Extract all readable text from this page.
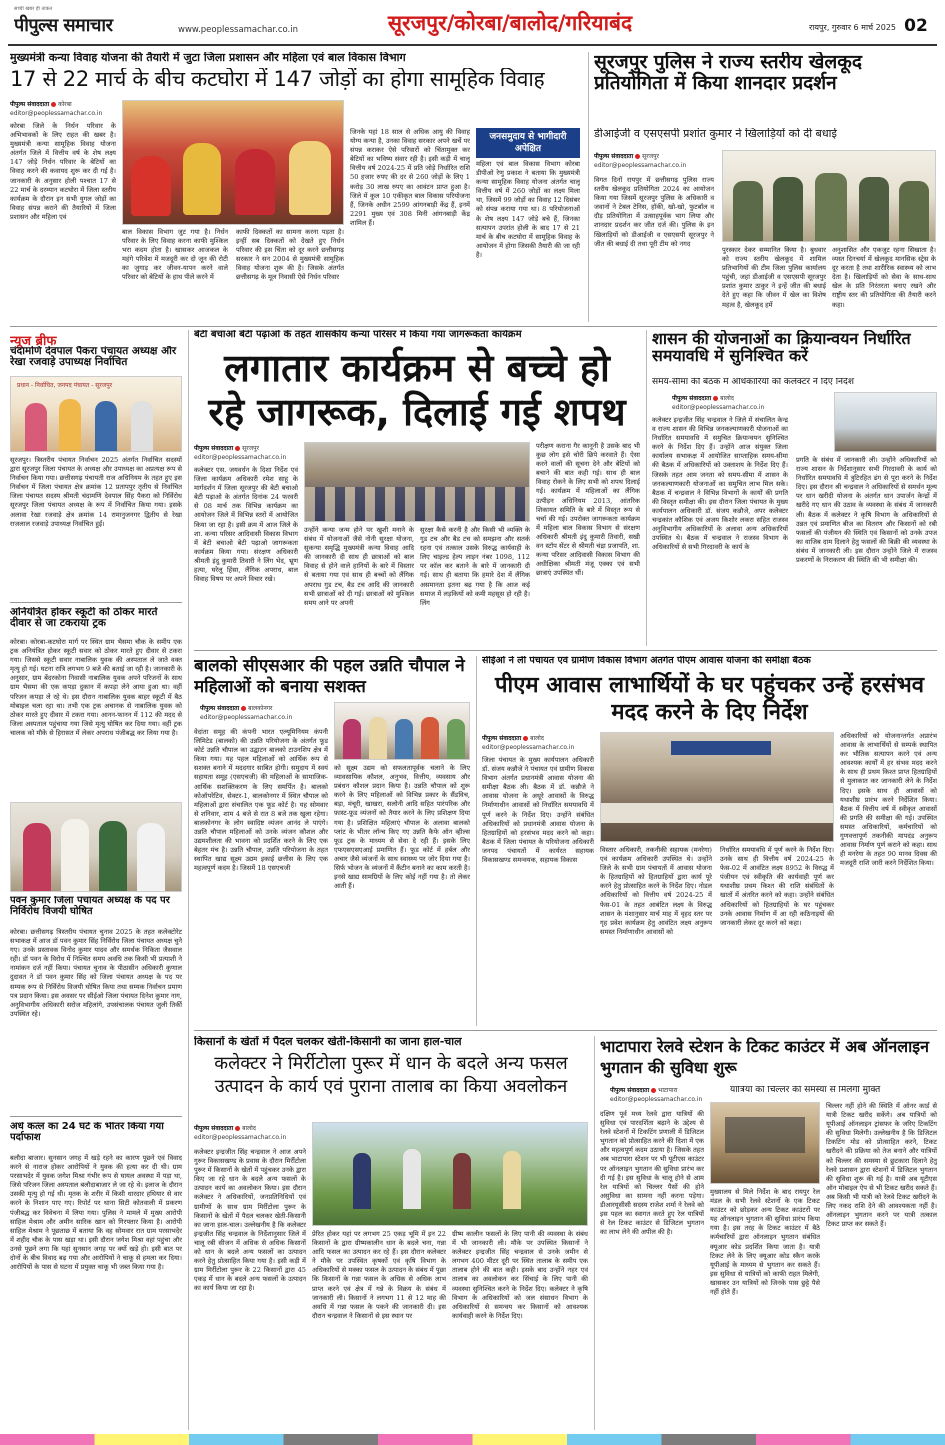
सच्ची खबर ही ताकत
पीपुल्स समाचार	www.peoplessamachar.co.in	सूरजपुर/कोरबा/बालोद/गरियाबंद	रायपुर, गुरुवार 6 मार्च 2025 02
मुख्यमंत्री कन्या विवाह योजना की तैयारी में जुटा जिला प्रशासन और महिला एवं बाल विकास विभाग
17 से 22 मार्च के बीच कटघोरा में 147 जोड़ों का होगा सामूहिक विवाह
पीपुल्स संवाददाता कोरबा
editor@peoplessamachar.co.in

कोरबा जिले के निर्धन परिवार के अभिभावकों के लिए राहत की खबर है। मुख्यमंत्री कन्या सामूहिक विवाह योजना अंतर्गत जिले में वित्तीय वर्ष के शेष लक्ष्य 147 जोड़े निर्धन परिवार के बेटियों का विवाह करने की कवायद शुरू कर दी गई है। जानकारी के अनुसार होली पश्चात 17 से 22 मार्च के दरम्यान कटघोरा में जिला स्तरीय कार्यक्रम के दौरान इन सभी युगल जोड़ों का विवाह संपन्न कराने की तैयारियों में जिला प्रशासन और महिला एवं

बाल विकास विभाग जुट गया है। निर्धन परिवार के लिए विवाह करना काफी मुश्किल भरा कदम होता है। खासकर आजकल के महंगे परिवेश में मजदूरी कर दो जून की रोटी का जुगाड़ कर जीवन-यापन करने वाले परिवार को बेटियों के हाथ पीले करने में

काफी दिक्कतों का सामना करना पड़ता है। इन्हीं सब दिक्कतों को देखते हुए निर्धन परिवार की इस चिंता को दूर करने छत्तीसगढ़ सरकार ने सन 2004 से मुख्यमंत्री सामूहिक विवाह योजना शुरू की है। जिसके अंतर्गत छत्तीसगढ़ के मूल निवासी ऐसे निर्धन परिवार

जिनके यहां 18 साल से अधिक आयु की विवाह योग्य कन्या है, उनका विवाह सरकार अपने खर्चे पर संपन्न कराकर ऐसे परिवारों को चिंतामुक्त कर बेटियों का भविष्य संवार रही है। इसी कड़ी में चालू वित्तीय वर्ष 2024-25 में प्रति जोड़े निर्धारित राशि 50 हजार रुपए की दर से 260 जोड़ों के लिए 1 करोड़ 30 लाख रुपए का आवंटन प्राप्त हुआ है। जिले में कुल 10 एकीकृत बाल विकास परियोजना हैं, जिनके अधीन 2599 आंगनबाड़ी केंद्र हैं, इनमें 2291 मुख्य एवं 308 मिनी आंगनबाड़ी केंद्र शामिल हैं।

जनसमुदाय से भागीदारी अपेक्षित

महिला एवं बाल विकास विभाग कोरबा डीपीओ रेणु प्रकाश ने बताया कि मुख्यमंत्री कन्या सामूहिक विवाह योजना अंतर्गत चालू वित्तीय वर्ष में 260 जोड़ों का लक्ष्य मिला था, जिसमें 99 जोड़ों का विवाह 12 दिसंबर को संपन्न कराया गया था। 8 परियोजनाओं के शेष लक्ष्य 147 जोड़े बचे हैं, जिनका सत्यापन उपरांत होली के बाद 17 से 21 मार्च के बीच कटघोरा में सामूहिक विवाह के आयोजन में होगा जिसकी तैयारी की जा रही है।

सूरजपुर पुलिस ने राज्य स्तरीय खेलकूद प्रतियोगिता में किया शानदार प्रदर्शन
डीआईजी व एसएसपी प्रशांत कुमार ने खिलाड़ियों को दी बधाई
पीपुल्स संवाददाता सूरजपुर
editor@peoplessamachar.co.in

विगत दिनों रायपुर में छत्तीसगढ़ पुलिस राज्य स्तरीय खेलकूद प्रतियोगिता 2024 का आयोजन किया गया जिसमें सूरजपुर पुलिस के अधिकारी व जवानों ने टेबल टेनिस, हॉकी, खो-खो, फुटबॉल व दौड़ प्रतियोगिता में उत्साहपूर्वक भाग लिया और शानदार प्रदर्शन कर जीत दर्ज की। पुलिस के इन खिलाड़ियों को डीआईजी व एसएसपी सूरजपुर ने जीत की बधाई दी तथा पूरी टीम को नगद

पुरस्कार देकर सम्मानित किया है। बुधवार को राज्य स्तरीय खेलकूद में शामिल प्रतिभागियों की टीम जिला पुलिस कार्यालय पहुंची, जहां डीआईजी व एसएसपी सूरजपुर प्रशांत कुमार ठाकुर ने इन्हें जीत की बधाई देते हुए कहा कि जीवन में खेल का विशेष महत्व है, खेलकूद हमें

अनुशासित और एकजुट रहना सिखाता है। व्यस्त दिनचर्या में खेलकूद मानसिक स्ट्रेस के दूर करता है तथा शारीरिक स्वास्थ्य को लाभ देता है। खिलाड़ियों को सेवा के साथ-साथ खेल के प्रति निरंतरता बनाए रखने और राष्ट्रीय स्तर की प्रतियोगिता की तैयारी करने कहा।

न्यूज ब्रीफ
चंदामणि देवपाल पैकरा पंचायत अध्यक्ष और रेखा रजवाड़े उपाध्यक्ष निर्वाचित
प्रधान - निर्वाचित, जनपद पंचायत - सूरजपुर

सूरजपुर। त्रिस्तरीय पंचायत निर्वाचन 2025 अंतर्गत निर्वाचित सदस्यों द्वारा सूरजपुर जिला पंचायत के अध्यक्ष और उपाध्यक्ष का अप्रत्यक्ष रूप से निर्वाचन किया गया। छत्तीसगढ़ पंचायती राज अधिनियम के तहत हुए इस निर्वाचन में जिला पंचायत क्षेत्र क्रमांक 12 प्रतापपुर तृतीय से निर्वाचित जिला पंचायत सदस्य श्रीमती चंदामणि देवपाल सिंह पैकरा को निर्विरोध सूरजपुर जिला पंचायत अध्यक्ष के रूप में निर्वाचित किया गया। इसके अलावा रेखा रजवाड़े क्षेत्र क्रमांक 14 रामानुजनगर द्वितीय से रेखा राजलाल रजवाड़े उपाध्यक्ष निर्वाचित हुईं।

अनियंत्रित होकर स्कूटी को ठोकर मारते दीवार से जा टकराया ट्रक

कोरबा। कोरबा-कटघोरा मार्ग पर स्थित ग्राम भैसमा चौक के समीप एक ट्रक अनियंत्रित होकर स्कूटी सवार को ठोकर मारते हुए दीवार से टकरा गया। जिससे स्कूटी सवार नाबालिक युवक की अस्पताल ले जाते वक्त मृत्यु हो गई। घटना रात्रि लगभग 9 बजे की बताई जा रही है। जानकारी के अनुसार, ग्राम बेंदरकोना निवासी नाबालिक युवक अपने परिजनों के साथ ग्राम भैसमा की एक कपड़ा दुकान में कपड़ा लेने आया हुआ था। वहीं परिजन कपड़ा ले रहे थे। इस दौरान नाबालिक युवक बाहर स्कूटी में बैठ मोबाइल चला रहा था। तभी एक ट्रक अचानक से नाबालिक युवक को ठोकर मारते हुए दीवार में टकरा गया। आनन-फानन में 112 की मदद से जिला अस्पताल पहुंचाया गया जिसे मृत्यु घोषित कर दिया गया। वहीं ट्रक चालक को मौके से हिरासत में लेकर अपराध पंजीबद्ध कर लिया गया है।

पवन कुमार जिला पंचायत अध्यक्ष के पद पर निर्विरोध विजयी घोषित

कोरबा। छत्तीसगढ़ त्रिस्तरीय पंचायत चुनाव 2025 के तहत कलेक्टोरेट सभाकक्ष में आज डॉ पवन कुमार सिंह निर्विरोध जिला पंचायत अध्यक्ष चुने गए। उनके प्रस्तावक विनोद कुमार यादव और समर्थक निकिता जैसवाल रही। डॉ पवन के विरोध में निश्चित समय अवधि तक किसी भी प्रत्याशी ने नामांकन दर्ज नहीं किया। पंचायत चुनाव के पीठासीन अधिकारी कुणाल दुदावत ने डॉ पवन कुमार सिंह को जिला पंचायत अध्यक्ष के पद पर सम्यक रूप से निर्विरोध विजयी घोषित किया तथा सम्यक निर्वाचन प्रमाण पत्र प्रदान किया। इस अवसर पर सीईओ जिला पंचायत दिनेश कुमार नाग, अनुविभागीय अधिकारी सरोज महिलांगे, उपसंचालक पंचायत जुली तिर्की उपस्थित रहे।

अंधे कत्ल का 24 घंटे के भीतर किया गया पर्दाफाश

बलौदा बाजार। सुनसान जगह में खड़े रहने का कारण पूछने एवं विवाद करने से नाराज होकर आरोपियों ने युवक की हत्या कर दी थी। ग्राम परसाभदेर में युवक जगेश मिश्रा गंभीर रूप से घायल अवस्था में पड़ा था, जिसे परिजन जिला अस्पताल बलौदाबाजार ले जा रहे थे। इलाज के दौरान उसकी मृत्यु हो गई थी। मृतक के शरीर में किसी धारदार हथियार से वार करने के निशान पाए गए। रिपोर्ट पर थाना सिटी कोतवाली में प्रकरण पंजीबद्ध कर विवेचना में लिया गया। पुलिस ने मामले में मुख्य आरोपी साहिल मेश्राम और अमीन सारिक खान को गिरफ्तार किया है। आरोपी साहिल मेश्राम ने पूछताछ में बताया कि वह सोमवार रात ग्राम परसाभदेर में शहीद चौक के पास खड़ा था। इसी दौरान जगेश मिश्रा वहां पहुंचा और उनसे पूछने लगा कि यहां सुनसान जगह पर क्यों खड़े हो। इसी बात पर दोनों के बीच विवाद बढ़ गया और आरोपियों ने चाकू से हमला कर दिया। आरोपियों के पास से घटना में प्रयुक्त चाकू भी जब्त किया गया है।

बेटी बचाओ बेटी पढ़ाओ के तहत शासकीय कन्या परिसर में किया गया जागरूकता कार्यक्रम
लगातार कार्यक्रम से बच्चे हो रहे जागरूक, दिलाई गई शपथ
पीपुल्स संवाददाता सूरजपुर
editor@peoplessamachar.co.in

कलेक्टर एस. जयवर्धन के दिशा निर्देश एवं जिला कार्यक्रम अधिकारी रमेश साहू के मार्गदर्शन में जिला सूरजपुर की बेटी बचाओ बेटी पढ़ाओ के अंतर्गत दिनांक 24 फरवरी से 08 मार्च तक विभिन्न कार्यक्रम का आयोजन जिले में विभिन्न स्तरों में आयोजित किया जा रहा है। इसी क्रम में आज जिले के शा. कन्या परिसर आदिवासी विकास विभाग में बेटी बचाओ बेटी पढ़ाओ जागरूकता कार्यक्रम किया गया। संरक्षण अधिकारी श्रीमती इंदु कुमारी तिवारी ने लिंग भेद, भ्रूण हत्या, घरेलू हिंसा, लैंगिक अपराध, बाल विवाह विषय पर अपने विचार रखे।

उन्होंने कन्या जन्म होने पर खुशी मनाने के संबंध में योजनाओं जैसे नोनी सुरक्षा योजना, सुकन्या समृद्धि मुख्यमंत्री कन्या विवाह आदि की जानकारी दी साथ ही छात्राओं को बाल विवाह से होने वाले हानियों के बारे में विस्तार से बताया गया एवं साथ ही बच्चों को लैंगिक अपराध गुड टच, बैड टच आदि की जानकारी सभी छात्राओं को दी गई। छात्राओं को मुश्किल समय आने पर अपनी

सुरक्षा कैसे करनी है और किसी भी व्यक्ति के गुड टच और बैड टच को समझना और सतर्क रहना एवं तत्काल उसके विरुद्ध कार्यवाही के लिए चाइल्ड हेल्प लाइन नंबर 1098, 112 पर कॉल कर बताने के बारे में जानकारी दी गई। साथ ही बताया कि हमारे देश में लैंगिक असमानता इतना बढ़ गया है कि आज कई समाज में लड़कियों को कमी महसूस हो रही है। लिंग

परीक्षण कराना गैर कानूनी है उसके बाद भी कुछ लोग इसे चोरी छिपे करवाते हैं। ऐसा करने वालों की सूचना देने और बेटियों को बचाने की बात कही गई। साथ ही बाल विवाह रोकने के लिए सभी को शपथ दिलाई गई। कार्यक्रम में महिलाओं का लैंगिक उत्पीड़न अधिनियम 2013, आंतरिक शिकायत समिति के बारे में विस्तृत रूप से चर्चा की गई। उपरोक्त जागरूकता कार्यक्रम में महिला बाल विकास विभाग से संरक्षण अधिकारी श्रीमती इंदु कुमारी तिवारी, सखी वन स्टॉप सेंटर से श्रीमती चंद्रा प्रजापति, शा. कन्या परिसर आदिवासी विकास विभाग की अधीक्षिका श्रीमती मंजू एक्का एवं सभी छात्राएं उपस्थित थीं।

शासन की योजनाओं का क्रियान्वयन निर्धारित समयावधि में सुनिश्चित करें
समय-सीमा की बैठक में अधिकारियों को कलेक्टर ने दिए निर्देश
पीपुल्स संवाददाता बालोद
editor@peoplessamachar.co.in

कलेक्टर इन्द्रजीत सिंह चन्द्रवाल ने जिले में संचालित केन्द्र व राज्य शासन की विभिन्न जनकल्याणकारी योजनाओं का निर्धारित समयावधि में समुचित क्रियान्वयन सुनिश्चित करने के निर्देश दिए हैं। उन्होंने आज संयुक्त जिला कार्यालय सभाकक्ष में आयोजित साप्ताहिक समय-सीमा की बैठक में अधिकारियों को उक्ताशय के निर्देश दिए हैं। जिसके तहत आम जनता को समय-सीमा में शासन के जनकल्याणकारी योजनाओं का समुचित लाभ मिल सके। बैठक में चन्द्रवाल ने विभिन्न विभागों के कार्यों की प्रगति की विस्तृत समीक्षा की। इस दौरान जिला पंचायत के मुख्य कार्यपालन अधिकारी डॉ. संजय कन्नौजे, अपर कलेक्टर चन्द्रकांत कौशिक एवं अजय किशोर लकरा सहित राजस्व अनुविभागीय अधिकारियों के अलावा अन्य अधिकारियों उपस्थित थे। बैठक में चन्द्रवाल ने राजस्व विभाग के अधिकारियों से सभी गिरदावरी के कार्य के

प्रगति के संबंध में जानकारी ली। उन्होंने अधिकारियों को राज्य शासन के निर्देशानुसार सभी गिरदावरी के कार्य को निर्धारित समयावधि में त्रुटिरहित ढंग से पूरा करने के निर्देश दिए। इस दौरान श्री चन्द्रवाल ने अधिकारियों से समर्थन मूल्य पर धान खरीदी योजना के अंतर्गत धान उपार्जन केन्द्रों में खरीदे गए धान की उठाव के व्यवस्था के संबंध में जानकारी ली। बैठक में कलेक्टर ने कृषि विभाग के अधिकारियों से उन्नत एवं प्रमाणित बीज का वितरण और किसानों को रबी फसलों की पंजीयन की स्थिति एवं किसानों को उनके उपज का वाजिब दाम दिलाने हेतु फसलों की बिक्री की व्यवस्था के संबंध में जानकारी ली। इस दौरान उन्होंने जिले में राजस्व प्रकरणों के निराकरण की स्थिति की भी समीक्षा की।

बालको सीएसआर की पहल उन्नति चौपाल ने महिलाओं को बनाया सशक्त
पीपुल्स संवाददाता बालकोनगर
editor@peoplessamachar.co.in

वेदांता समूह की कंपनी भारत एल्यूमिनियम कंपनी लिमिटेड (बालको) की उन्नति परियोजना के अंतर्गत फूड कोर्ट उन्नति चौपाल का उद्घाटन बालको टाउनशिप क्षेत्र में किया गया। यह पहल महिलाओं को आर्थिक रूप से सशक्त बनाने में मददगार साबित होगी। समुदाय में स्वयं सहायता समूह (एसएचजी) की महिलाओं के सामाजिक-आर्थिक सशक्तिकरण के लिए समर्पित है। बालको कोऑपरेटिव, सेक्टर-1, बालकोनगर में स्थित चौपाल को महिलाओं द्वारा संचालित एक फूड कोर्ट है। यह सोमवार से शनिवार, शाम 4 बजे से रात 8 बजे तक खुला रहेगा। बालकोनगर के लोग स्वादिष्ट व्यंजन आनंद ले पाएंगे। उन्नति चौपाल महिलाओं को उनके व्यंजन कौशल और उद्यमशीलता की भावना को प्रदर्शित करने के लिए एक बेहतर मंच है। उन्नति चौपाल, उन्नति परियोजना के तहत स्थापित खाद्य सूक्ष्म उद्यम इकाई छत्तीस के लिए एक महत्वपूर्ण कदम है। जिसमें 18 एसएचजी

को सूक्ष्म उद्यम को सफलतापूर्वक चलाने के लिए व्यावसायिक कौशल, अनुभव, वित्तीय, व्यवसाय और प्रबंधन कौशल प्रदान किया है। उन्नति चौपाल को शुरू करने के लिए महिलाओं को विभिन्न प्रकार के सैंडविच, बड़ा, मंचूरी, खाखरा, सलोनी आदि सहित पारंपरिक और फ़ास्ट-फ़ूड व्यंजनों को तैयार करने के लिए प्रशिक्षण दिया गया है। प्रशिक्षित महिलाएं चौपाल के अलावा बालको प्लांट के भीतर लॉन्च किए गए उन्नति कैफे ऑन व्हील्स फूड ट्रक के माध्यम से सेवा दे रही हैं। इसके लिए एफएसएसएआई प्रमाणित हैं। फूड कोर्ट में हर्बल और अचार जैसे व्यंजनों के साथ स्वास्थ्य पर जोर दिया गया है। सिर्फ भोजन के व्यंजनों में कैंटीन बनाने का काम करती है। इनसे खाद्य सामग्रियों के लिए कोई नहीं गया है। तो लेकर आती हैं।

सीईओ ने ली पंचायत एवं ग्रामीण विकास विभाग अंतर्गत पीएम आवास योजना की समीक्षा बैठक
पीएम आवास लाभार्थियों के घर पहुंचकर उन्हें हरसंभव मदद करने के दिए निर्देश
पीपुल्स संवाददाता बालोद
editor@peoplessamachar.co.in

जिला पंचायत के मुख्य कार्यपालन अधिकारी डॉ. संजय कन्नौजे ने पंचायत एवं ग्रामीण विकास विभाग अंतर्गत प्रधानमंत्री आवास योजना की समीक्षा बैठक ली। बैठक में डॉ. कन्नौजे ने आवास योजना के अधूरे आवासों के विरुद्ध निर्माणाधीन आवासों को निर्धारित समयावधि में पूर्ण करने के निर्देश दिए। उन्होंने संबंधित अधिकारियों को प्रधानमंत्री आवास योजना के हितग्राहियों को हरसंभव मदद करने को कहा। बैठक में जिला पंचायत के परियोजना अधिकारी जनपद पंचायतों में कार्यरत सहायक विकासखण्ड समन्वयक, सहायक विकास

विस्तार अधिकारी, तकनीकी सहायक (मनरेगा) एवं कार्यक्रम अधिकारी उपस्थित थे। उन्होंने जिले के सभी ग्राम पंचायतों में आवास योजना के हितग्राहियों को हितग्राहियों द्वारा कार्य पूरे करने हेतु प्रोत्साहित करने के निर्देश दिए। नोडल अधिकारियों को वित्तीय वर्ष 2024-25 में फेस-01 के तहत आबंटित लक्ष्य के विरुद्ध शासन के मंशानुसार मार्च माह में वृहद स्तर पर गृह प्रवेश कार्यक्रम हेतु आवंटित लक्ष्य अनुरूप समस्त निर्माणाधीन आवासों को

निर्धारित समयावधि में पूर्ण करने के निर्देश दिए। उनके साथ ही वित्तीय वर्ष 2024-25 के फेस-02 में आवंटित लक्ष्य 8952 के विरुद्ध में पंजीयन एवं स्वीकृति की कार्यवाही पूर्ण कर यथाशीघ्र प्रथम किश्त की राशि संबंधितों के खातों में अंतरित करने को कहा। उन्होंने संबंधित अधिकारियों को हितग्राहियों के घर पहुंचकर उनके आवास निर्माण में आ रही कठिनाइयों की जानकारी लेकर दूर करने को कहा।

अधिकारियों को योजनान्तर्गत अप्रारंभ आवास के लाभार्थियों से सम्पर्क स्थापित कर भौतिक सत्यापन करने एवं अन्य आवश्यक कार्यों में हर संभव मदद करने के साथ ही प्रथम किश्त प्राप्त हितग्राहियों से मुलाकात कर जानकारी लेने के निर्देश दिए। इसके साथ ही आवासों को यथाशीघ्र प्रारंभ करने निर्देशित किया। बैठक में वित्तीय वर्ष में स्वीकृत आवासों की प्रगति की समीक्षा की गई। उपस्थित समस्त अधिकारियों, कर्मचारियों को गुणवत्तापूर्ण तकनीकी मापदंड अनुरूप आवास निर्माण पूर्ण कराने को कहा। साथ ही मनरेगा के तहत 90 मानव दिवस की मजदूरी राशि जारी करने निर्देशित किया।

किसानों के खेतों में पैदल चलकर खेती-किसानी का जाना हाल-चाल
कलेक्टर ने मिर्रीटोला पुरूर में धान के बदले अन्य फसल उत्पादन के कार्य एवं पुराना तालाब का किया अवलोकन
पीपुल्स संवाददाता बालोद
editor@peoplessamachar.co.in

कलेक्टर इन्द्रजीत सिंह चन्द्रवाल ने आज अपने गुरूर विकासखण्ड के प्रवास के दौरान मिर्रीटोला पुरूर में किसानों के खेतों में पहुंचकर उनके द्वारा किए जा रहे धान के बदले अन्य फसलों के उत्पादन कार्य का अवलोकन किया। इस दौरान कलेक्टर ने अधिकारियों, जनप्रतिनिधियों एवं ग्रामीणों के साथ ग्राम मिर्रीटोला पुरूर के किसानों के खेतों में पैदल चलकर खेती-किसानी का जाना हाल-चाल। उल्लेखनीय है कि कलेक्टर इन्द्रजीत सिंह चन्द्रवाल के निर्देशानुसार जिले में चालू रबी सीजन में अधिक से अधिक किसानों को धान के बदले अन्य फसलों का उत्पादन करने हेतु प्रोत्साहित किया गया है। इसी कड़ी में ग्राम मिर्रीटोला पुरूर के 22 किसानों द्वारा 45 एकड़ में धान के बदले अन्य फसलों के उत्पादन का कार्य किया जा रहा है।

प्रेरित होकर यहां पर लगभग 25 एकड़ भूमि में इन 22 किसानों के द्वारा ग्रीष्मकालीन धान के बदले चना, गन्ना आदि फसल का उत्पादन कर रहे हैं। इस दौरान कलेक्टर ने मौके पर उपस्थित कृषकों एवं कृषि विभाग के अधिकारियों से मक्का फसल के उत्पादन के संबंध में पूछा कि किसानों के गन्ना फसल के अधिक से अधिक लाभ प्राप्त करने एवं क्षेत्र में गन्ने के विक्रय के संबंध में जानकारी ली। किसानों ने लगभग 11 से 12 माह की अवधि में गन्ना फसल के पकने की जानकारी दी। इस दौरान चन्द्रवाल ने किसानों से इस स्थान पर

ग्रीष्म कालीन फसलों के लिए पानी की व्यवस्था के संबंध में भी जानकारी ली। मौके पर उपस्थित किसानों ने कलेक्टर इन्द्रजीत सिंह चन्द्रवाल से उनके जमीन से लगभग 400 मीटर दूरी पर स्थित तालाब के समीप एक तालाब होने की बात कही। इसके बाद उन्होंने नहर एवं तालाब का अवलोकन कर सिंचाई के लिए पानी की व्यवस्था सुनिश्चित करने के निर्देश दिए। कलेक्टर ने कृषि विभाग के अधिकारियों को जल संसाधन विभाग के अधिकारियों से समन्वय कर किसानों को आवश्यक कार्यवाही करने के निर्देश दिए।

भाटापारा रेलवे स्टेशन के टिकट काउंटर में अब ऑनलाइन भुगतान की सुविधा शुरू
पीपुल्स संवाददाता भाटापारा
editor@peoplessamachar.co.in
यात्रियों को चिल्लर की समस्या से मिलेगी मुक्ति

दक्षिण पूर्व मध्य रेलवे द्वारा यात्रियों की सुविधा एवं पारदर्शिता बढ़ाने के उद्देश्य से रेलवे स्टेशनों में टिकटिंग प्रणाली में डिजिटल भुगतान को प्रोत्साहित करने की दिशा में एक और महत्वपूर्ण कदम उठाया है। जिसके तहत अब भाटापारा स्टेशन पर भी यूटीएस काउंटर पर ऑनलाइन भुगतान की सुविधा प्रारंभ कर दी गई है। इस सुविधा के चालू होने से आम रेल यात्रियों को चिल्लर पैसों की होने असुविधा का सामना नहीं करना पड़ेगा। डीआरयूसीसी सदस्य राजेश शर्मा ने रेलवे को इस पहल का स्वागत करते हुए रेल यात्रियों से रेल टिकट काउंटर से डिजिटल भुगतान का लाभ लेने की अपील की है।

मुख्यालय से मिले निर्देश के बाद रायपुर रेल मंडल के सभी रेलवे स्टेशनों के एक टिकट काउंटर को छोड़कर अन्य टिकट काउंटरों पर यह ऑनलाइन भुगतान की सुविधा प्रारंभ किया गया है। इस तरह के टिकट काउंटर में बैठे कर्मचारियों द्वारा ऑनलाइन भुगतान संबंधित क्यूआर कोड प्रदर्शित किया जाता है। यात्री टिकट लेने के लिए क्यूआर कोड स्कैन करके यूपीआई के माध्यम से भुगतान कर सकते हैं। इस सुविधा से यात्रियों को काफी राहत मिलेगी, खासकर उन यात्रियों को जिनके पास छुट्टे पैसे नहीं होते हैं।

चिल्लर नहीं होने की स्थिति में ऑनर कार्ड से यात्री टिकट खरीद सकेंगे। अब यात्रियों को यूपीआई ऑनलाइन ट्रांसफर के जरिए टिकटिंग की सुविधा मिलेगी। उल्लेखनीय है कि डिजिटल टिकटिंग मोड को प्रोत्साहित करने, टिकट खरीदने की प्रक्रिया को तेज बनाने और यात्रियों को चिल्लर की समस्या से छुटकारा दिलाने हेतु रेलवे प्रशासन द्वारा स्टेशनों में डिजिटल भुगतान की सुविधा शुरू की गई है। यात्री अब यूटीएस ऑन मोबाइल ऐप से भी टिकट खरीद सकते हैं। अब किसी भी यात्री को रेलवे टिकट खरीदने के लिए नकद राशि देने की आवश्यकता नहीं है। ऑनलाइन भुगतान करने पर यात्री तत्काल टिकट प्राप्त कर सकते हैं।
